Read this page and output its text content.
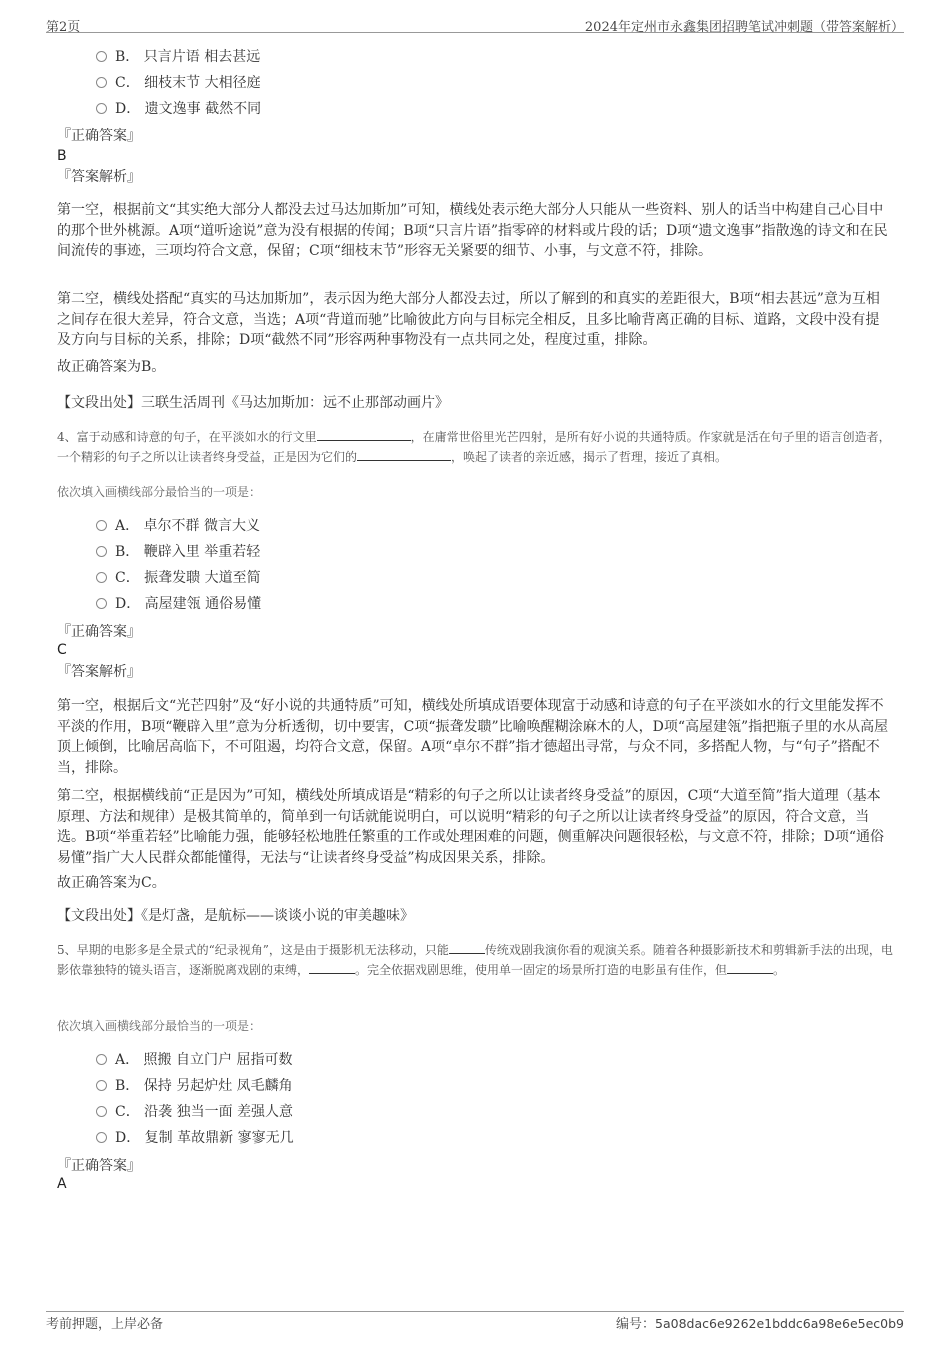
第2页	2024年定州市永鑫集团招聘笔试冲刺题（带答案解析）
B． 只言片语 相去甚远
C． 细枝末节 大相径庭
D． 遗文逸事 截然不同
『正确答案』
B
『答案解析』
第一空，根据前文“其实绝大部分人都没去过马达加斯加”可知，横线处表示绝大部分人只能从一些资料、别人的话当中构建自己心目中的那个世外桃源。A项“道听途说”意为没有根据的传闻；B项“只言片语”指零碎的材料或片段的话；D项“遗文逸事”指散逸的诗文和在民间流传的事迹，三项均符合文意，保留；C项“细枝末节”形容无关紧要的细节、小事，与文意不符，排除。
第二空，横线处搭配“真实的马达加斯加”，表示因为绝大部分人都没去过，所以了解到的和真实的差距很大，B项“相去甚远”意为互相之间存在很大差异，符合文意，当选；A项“背道而驰”比喻彼此方向与目标完全相反，且多比喻背离正确的目标、道路，文段中没有提及方向与目标的关系，排除；D项“截然不同”形容两种事物没有一点共同之处，程度过重，排除。
故正确答案为B。
【文段出处】三联生活周刊《马达加斯加：远不止那部动画片》
4、富于动感和诗意的句子，在平淡如水的行文里	，在庸常世俗里光芒四射，是所有好小说的共通特质。作家就是活在句子里的语言创造者，一个精彩的句子之所以让读者终身受益，正是因为它们的	，唤起了读者的亲近感，揭示了哲理，接近了真相。
依次填入画横线部分最恰当的一项是：
A． 卓尔不群 微言大义
B． 鞭辟入里 举重若轻
C． 振聋发聩 大道至简
D． 高屋建瓴 通俗易懂
『正确答案』
C
『答案解析』
第一空，根据后文“光芒四射”及“好小说的共通特质”可知，横线处所填成语要体现富于动感和诗意的句子在平淡如水的行文里能发挥不平淡的作用，B项“鞭辟入里”意为分析透彻，切中要害，C项“振聋发聩”比喻唤醒糊涂麻木的人，D项“高屋建瓴”指把瓶子里的水从高屋顶上倾倒，比喻居高临下，不可阻遏，均符合文意，保留。A项“卓尔不群”指才德超出寻常，与众不同，多搭配人物，与“句子”搭配不当，排除。
第二空，根据横线前“正是因为”可知，横线处所填成语是“精彩的句子之所以让读者终身受益”的原因，C项“大道至简”指大道理（基本原理、方法和规律）是极其简单的，简单到一句话就能说明白，可以说明“精彩的句子之所以让读者终身受益”的原因，符合文意，当选。B项“举重若轻”比喻能力强，能够轻松地胜任繁重的工作或处理困难的问题，侧重解决问题很轻松，与文意不符，排除；D项“通俗易懂”指广大人民群众都能懂得，无法与“让读者终身受益”构成因果关系，排除。
故正确答案为C。
【文段出处】《是灯盏，是航标——谈谈小说的审美趣味》
5、早期的电影多是全景式的“纪录视角”，这是由于摄影机无法移动，只能	传统戏剧我演你看的观演关系。随着各种摄影新技术和剪辑新手法的出现，电影依靠独特的镜头语言，逐渐脱离戏剧的束缚，	。完全依据戏剧思维，使用单一固定的场景所打造的电影虽有佳作，但	。
依次填入画横线部分最恰当的一项是：
A． 照搬 自立门户 屈指可数
B． 保持 另起炉灶 凤毛麟角
C． 沿袭 独当一面 差强人意
D． 复制 革故鼎新 寥寥无几
『正确答案』
A
考前押题，上岸必备	编号：5a08dac6e9262e1bddc6a98e6e5ec0b9
